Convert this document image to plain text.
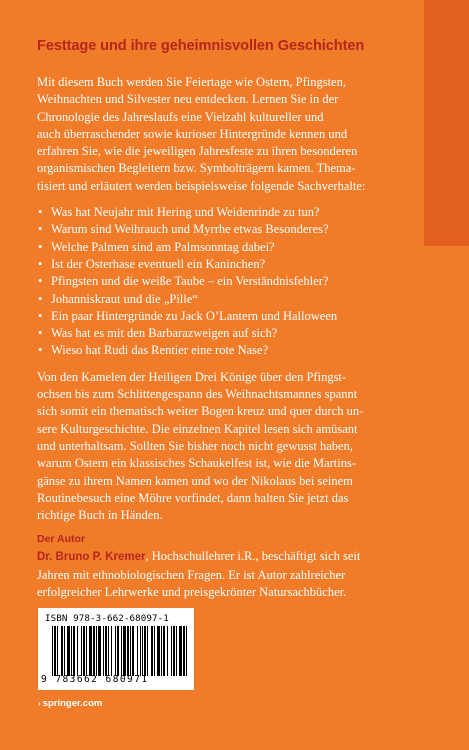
Festtage und ihre geheimnisvollen Geschichten
Mit diesem Buch werden Sie Feiertage wie Ostern, Pfingsten,
Weihnachten und Silvester neu entdecken. Lernen Sie in der
Chronologie des Jahreslaufs eine Vielzahl kultureller und
auch überraschender sowie kurioser Hintergründe kennen und
erfahren Sie, wie die jeweiligen Jahresfeste zu ihren besonderen
organismischen Begleitern bzw. Symbolträgern kamen. Thema-
tisiert und erläutert werden beispielsweise folgende Sachverhalte:
• Was hat Neujahr mit Hering und Weidenrinde zu tun?
• Warum sind Weihrauch und Myrrhe etwas Besonderes?
• Welche Palmen sind am Palmsonntag dabei?
• Ist der Osterhase eventuell ein Kaninchen?
• Pfingsten und die weiße Taube – ein Verständnisfehler?
• Johanniskraut und die „Pille“
• Ein paar Hintergründe zu Jack O’Lantern und Halloween
• Was hat es mit den Barbarazweigen auf sich?
• Wieso hat Rudi das Rentier eine rote Nase?
Von den Kamelen der Heiligen Drei Könige über den Pfingst-
ochsen bis zum Schlittengespann des Weihnachtsmannes spannt
sich somit ein thematisch weiter Bogen kreuz und quer durch un-
sere Kulturgeschichte. Die einzelnen Kapitel lesen sich amüsant
und unterhaltsam. Sollten Sie bisher noch nicht gewusst haben,
warum Ostern ein klassisches Schaukelfest ist, wie die Martins-
gänse zu ihrem Namen kamen und wo der Nikolaus bei seinem
Routinebesuch eine Möhre vorfindet, dann halten Sie jetzt das
richtige Buch in Händen.
Der Autor
Dr. Bruno P. Kremer, Hochschullehrer i.R., beschäftigt sich seit
Jahren mit ethnobiologischen Fragen. Er ist Autor zahlreicher
erfolgreicher Lehrwerke und preisgekrönter Natursachbücher.
ISBN 978-3-662-68097-1
9 783662 680971
› springer.com
